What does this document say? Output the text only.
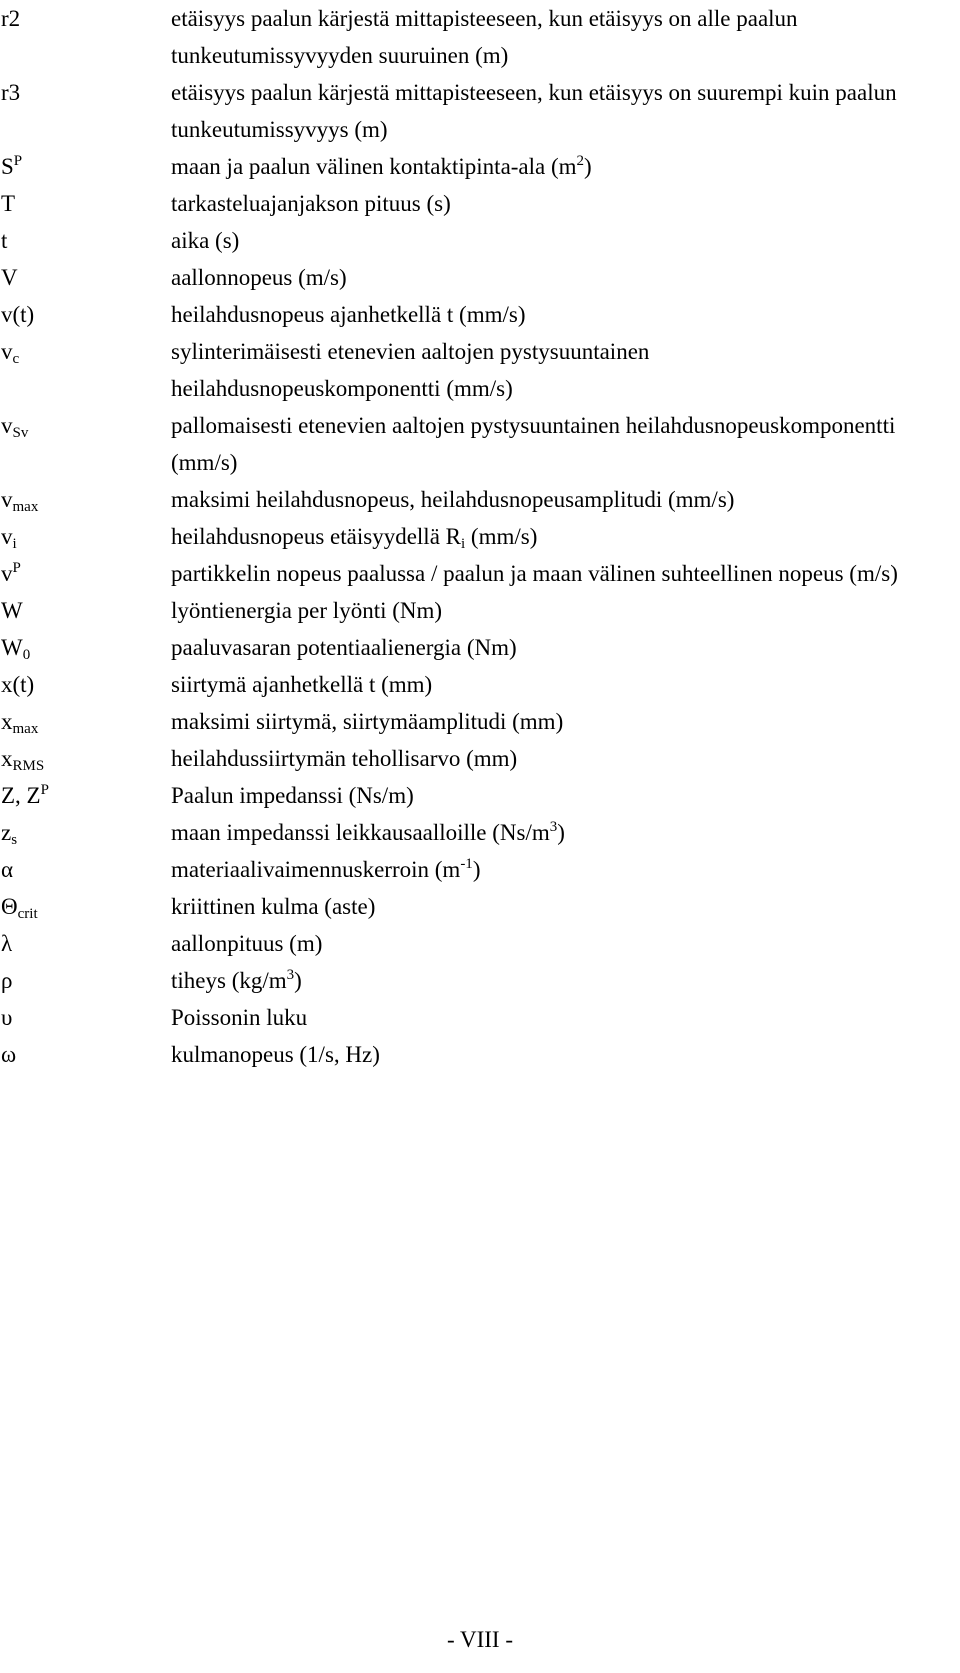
r2	etäisyys paalun kärjestä mittapisteeseen, kun etäisyys on alle paalun tunkeutumissyvyyden suuruinen (m)
r3	etäisyys paalun kärjestä mittapisteeseen, kun etäisyys on suurempi kuin paalun tunkeutumissyvyys (m)
$S^P$	maan ja paalun välinen kontaktipinta-ala $(m^2)$
T	tarkasteluajanjakson pituus (s)
t	aika (s)
V	aallonnopeus (m/s)
v(t)	heilahdusnopeus ajanhetkellä t (mm/s)
$v_c$	sylinterimäisesti etenevien aaltojen pystysuuntainen heilahdusnopeuskomponentti (mm/s)
$v_{Sv}$	pallomaisesti etenevien aaltojen pystysuuntainen heilahdusnopeuskomponentti (mm/s)
$v_{max}$	maksimi heilahdusnopeus, heilahdusnopeusamplitudi (mm/s)
$v_i$	heilahdusnopeus etäisyydellä $R_i$ (mm/s)
$v^P$	partikkelin nopeus paalussa / paalun ja maan välinen suhteellinen nopeus (m/s)
W	lyöntienergia per lyönti (Nm)
$W_0$	paaluvasaran potentiaalienergia (Nm)
x(t)	siirtymä ajanhetkellä t (mm)
$x_{max}$	maksimi siirtymä, siirtymäamplitudi (mm)
$x_{RMS}$	heilahdussiirtymän tehollisarvo (mm)
Z, $Z^P$	Paalun impedanssi (Ns/m)
$z_s$	maan impedanssi leikkausaalloille $(Ns/m^3)$
α	materiaalivaimennuskerroin $(m^{-1})$
$\Theta_{crit}$	kriittinen kulma (aste)
λ	aallonpituus (m)
ρ	tiheys $(kg/m^3)$
υ	Poissonin luku
ω	kulmanopeus (1/s, Hz)
- VIII -
